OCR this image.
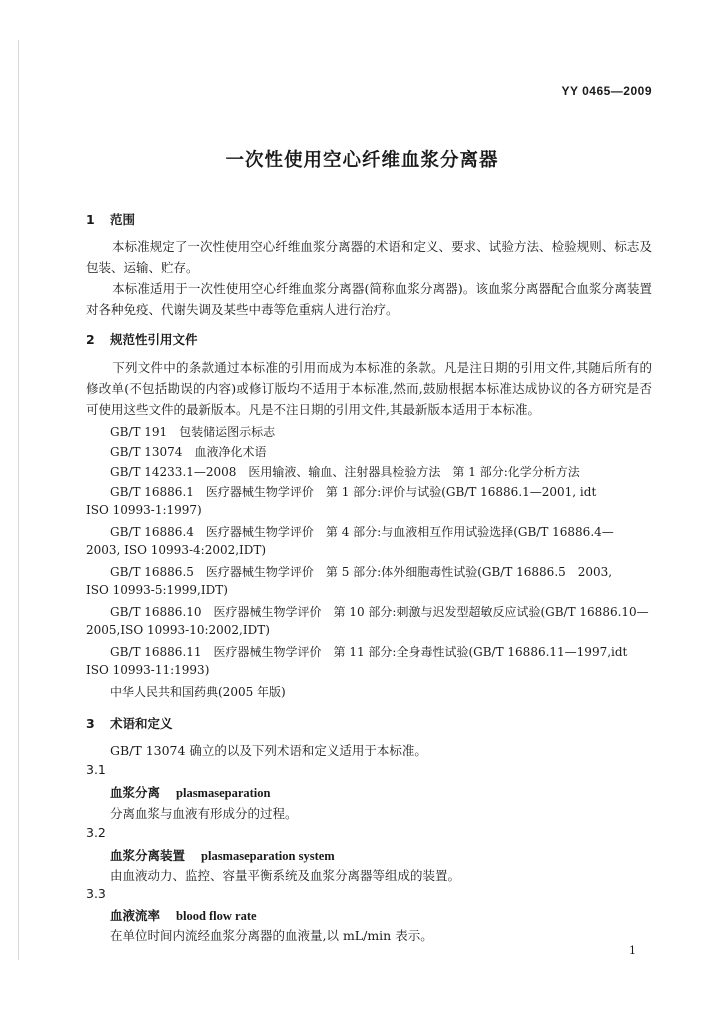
YY 0465—2009
一次性使用空心纤维血浆分离器
1 范围
本标准规定了一次性使用空心纤维血浆分离器的术语和定义、要求、试验方法、检验规则、标志及包装、运输、贮存。
本标准适用于一次性使用空心纤维血浆分离器(简称血浆分离器)。该血浆分离器配合血浆分离装置对各种免疫、代谢失调及某些中毒等危重病人进行治疗。
2 规范性引用文件
下列文件中的条款通过本标准的引用而成为本标准的条款。凡是注日期的引用文件,其随后所有的修改单(不包括勘误的内容)或修订版均不适用于本标准,然而,鼓励根据本标准达成协议的各方研究是否可使用这些文件的最新版本。凡是不注日期的引用文件,其最新版本适用于本标准。
GB/T 191　包装储运图示标志
GB/T 13074　血液净化术语
GB/T 14233.1—2008　医用输液、输血、注射器具检验方法　第 1 部分:化学分析方法
GB/T 16886.1　医疗器械生物学评价　第 1 部分:评价与试验(GB/T 16886.1—2001, idt
ISO 10993-1:1997)
GB/T 16886.4　医疗器械生物学评价　第 4 部分:与血液相互作用试验选择(GB/T 16886.4—
2003, ISO 10993-4:2002,IDT)
GB/T 16886.5　医疗器械生物学评价　第 5 部分:体外细胞毒性试验(GB/T 16886.5　2003,
ISO 10993-5:1999,IDT)
GB/T 16886.10　医疗器械生物学评价　第 10 部分:刺激与迟发型超敏反应试验(GB/T 16886.10—
2005,ISO 10993-10:2002,IDT)
GB/T 16886.11　医疗器械生物学评价　第 11 部分:全身毒性试验(GB/T 16886.11—1997,idt
ISO 10993-11:1993)
中华人民共和国药典(2005 年版)
3 术语和定义
GB/T 13074 确立的以及下列术语和定义适用于本标准。
3.1
血浆分离 plasmaseparation
分离血浆与血液有形成分的过程。
3.2
血浆分离装置 plasmaseparation system
由血液动力、监控、容量平衡系统及血浆分离器等组成的装置。
3.3
血液流率 blood flow rate
在单位时间内流经血浆分离器的血液量,以 mL/min 表示。
1
